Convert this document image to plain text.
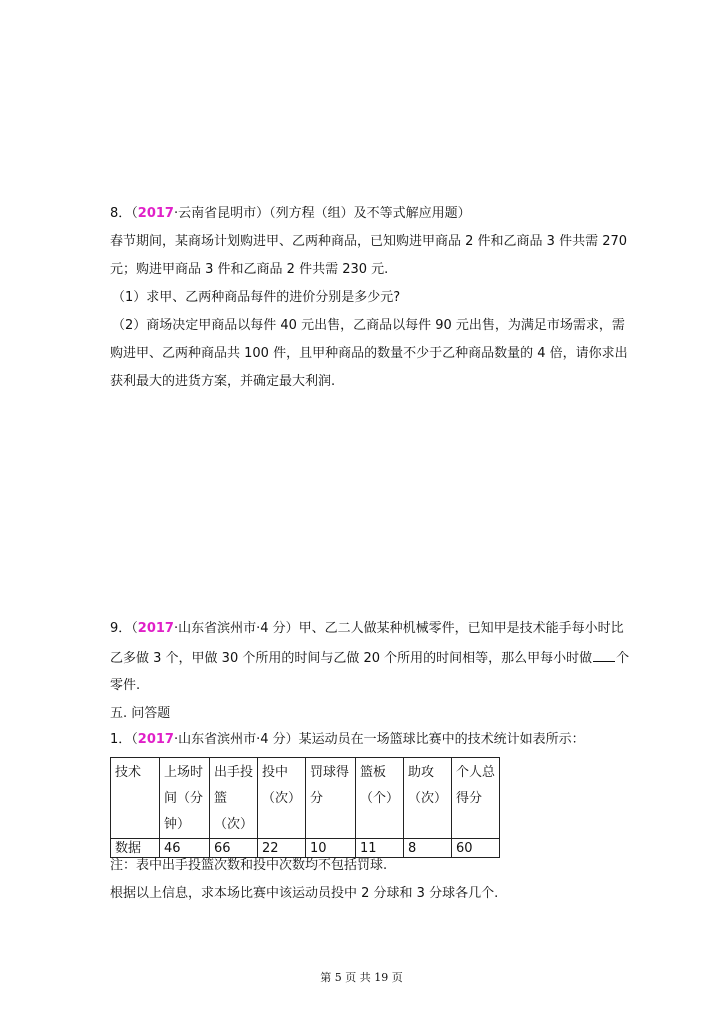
8．（2017·云南省昆明市）（列方程（组）及不等式解应用题）
春节期间，某商场计划购进甲、乙两种商品，已知购进甲商品 2 件和乙商品 3 件共需 270
元；购进甲商品 3 件和乙商品 2 件共需 230 元.
（1）求甲、乙两种商品每件的进价分别是多少元?
（2）商场决定甲商品以每件 40 元出售，乙商品以每件 90 元出售，为满足市场需求，需
购进甲、乙两种商品共 100 件，且甲种商品的数量不少于乙种商品数量的 4 倍，请你求出
获利最大的进货方案，并确定最大利润.
9．（2017·山东省滨州市·4 分）甲、乙二人做某种机械零件，已知甲是技术能手每小时比
乙多做 3 个，甲做 30 个所用的时间与乙做 20 个所用的时间相等，那么甲每小时做 个
零件.
五. 问答题
1．（2017·山东省滨州市·4 分）某运动员在一场篮球比赛中的技术统计如表所示：
技术	上场时间（分钟）	出手投篮（次）	投中（次）	罚球得分	篮板（个）	助攻（次）	个人总得分
数据	46	66	22	10	11	8	60
注：表中出手投篮次数和投中次数均不包括罚球.
根据以上信息，求本场比赛中该运动员投中 2 分球和 3 分球各几个.
第 5 页 共 19 页
